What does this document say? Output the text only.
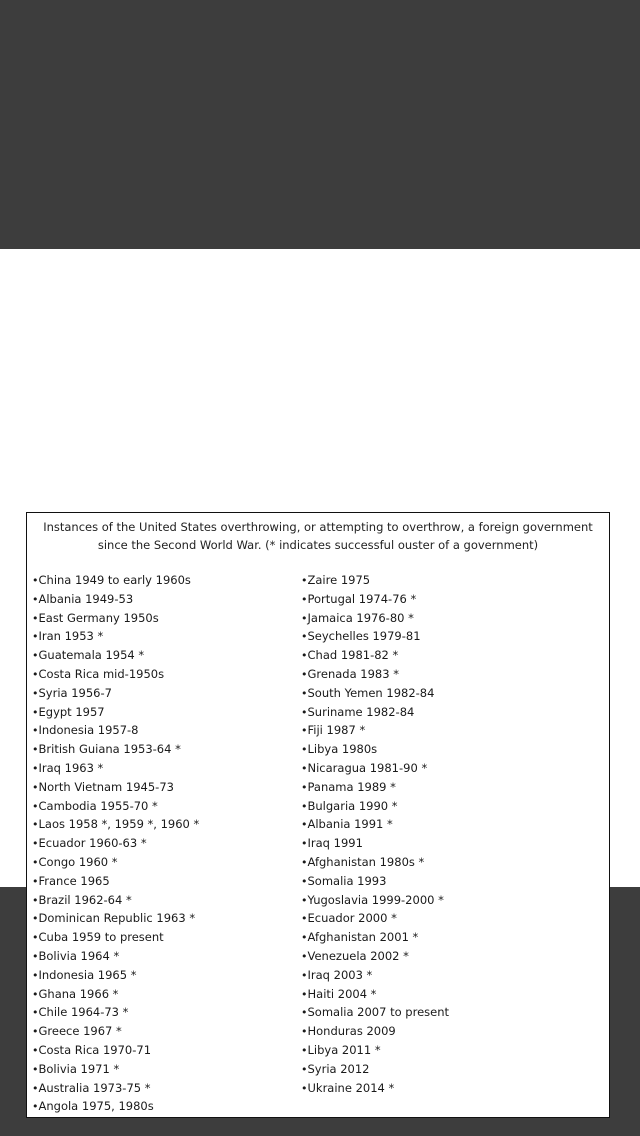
Instances of the United States overthrowing, or attempting to overthrow, a foreign government
since the Second World War. (* indicates successful ouster of a government)
• China 1949 to early 1960s
• Albania 1949-53
• East Germany 1950s
• Iran 1953 *
• Guatemala 1954 *
• Costa Rica mid-1950s
• Syria 1956-7
• Egypt 1957
• Indonesia 1957-8
• British Guiana 1953-64 *
• Iraq 1963 *
• North Vietnam 1945-73
• Cambodia 1955-70 *
• Laos 1958 *, 1959 *, 1960 *
• Ecuador 1960-63 *
• Congo 1960 *
• France 1965
• Brazil 1962-64 *
• Dominican Republic 1963 *
• Cuba 1959 to present
• Bolivia 1964 *
• Indonesia 1965 *
• Ghana 1966 *
• Chile 1964-73 *
• Greece 1967 *
• Costa Rica 1970-71
• Bolivia 1971 *
• Australia 1973-75 *
• Angola 1975, 1980s
• Zaire 1975
• Portugal 1974-76 *
• Jamaica 1976-80 *
• Seychelles 1979-81
• Chad 1981-82 *
• Grenada 1983 *
• South Yemen 1982-84
• Suriname 1982-84
• Fiji 1987 *
• Libya 1980s
• Nicaragua 1981-90 *
• Panama 1989 *
• Bulgaria 1990 *
• Albania 1991 *
• Iraq 1991
• Afghanistan 1980s *
• Somalia 1993
• Yugoslavia 1999-2000 *
• Ecuador 2000 *
• Afghanistan 2001 *
• Venezuela 2002 *
• Iraq 2003 *
• Haiti 2004 *
• Somalia 2007 to present
• Honduras 2009
• Libya 2011 *
• Syria 2012
• Ukraine 2014 *
